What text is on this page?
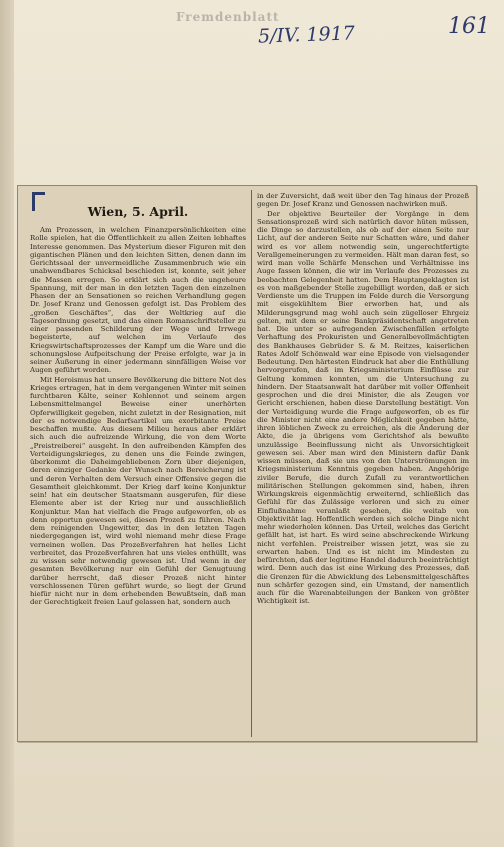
Fremdenblatt
5/IV. 1917	161
Wien, 5. April.

Am Prozessen, in welchen Finanzpersönlichkeiten eine Rolle spielen, hat die Öffentlichkeit zu allen Zeiten lebhaftes Interesse genommen. Das Mysterium dieser Figuren mit den gigantischen Plänen und den leichten Sitten, denen dann im Gerichtssaal der unvermeidliche Zusammenbruch wie ein unabwendbares Schicksal beschieden ist, konnte, seit jeher die Massen erregen. So erklärt sich auch die ungeheure Spannung, mit der man in den letzten Tagen den einzelnen Phasen der an Sensationen so reichen Verhandlung gegen Dr. Josef Kranz und Genossen gefolgt ist. Das Problem des „großen Geschäftes“, das der Weltkrieg auf die Tagesordnung gesetzt, und das einen Romanschriftsteller zu einer passenden Schilderung der Wege und Irrwege begeisterte, auf welchen im Verlaufe des Kriegswirtschaftsprozesses der Kampf um die Ware und die schonungslose Aufpeitschung der Preise erfolgte, war ja in seiner Äußerung in einer jedermann sinnfälligen Weise vor Augen geführt worden.

Mit Heroismus hat unsere Bevölkerung die bittere Not des Krieges ertragen, hat in dem vergangenen Winter mit seinen furchtbaren Kälte, seiner Kohlennot und seinem argen Lebensmittelmangel Beweise einer unerhörten Opferwilligkeit gegeben, nicht zuletzt in der Resignation, mit der es notwendige Bedarfsartikel um exorbitante Preise beschaffen mußte. Aus diesem Milieu heraus aber erklärt sich auch die aufreizende Wirkung, die von dem Worte „Preistreiberei“ ausgeht. In den aufreibenden Kämpfen des Verteidigungskrieges, zu denen uns die Feinde zwingen, überkommt die Daheimgebliebenen Zorn über diejenigen, deren einziger Gedanke der Wunsch nach Bereicherung ist und deren Verhalten dem Versuch einer Offensive gegen die Gesamtheit gleichkommt. Der Krieg darf keine Konjunktur sein! hat ein deutscher Staatsmann ausgerufen, für diese Elemente aber ist der Krieg nur und ausschließlich Konjunktur. Man hat vielfach die Frage aufgeworfen, ob es denn opportun gewesen sei, diesen Prozeß zu führen. Nach dem reinigenden Ungewitter, das in den letzten Tagen niedergegangen ist, wird wohl niemand mehr diese Frage verneinen wollen. Das Prozeßverfahren hat helles Licht verbreitet, das Prozeßverfahren hat uns vieles enthüllt, was zu wissen sehr notwendig gewesen ist. Und wenn in der gesamten Bevölkerung nur ein Gefühl der Genugtuung darüber herrscht, daß dieser Prozeß nicht hinter verschlossenen Türen geführt wurde, so liegt der Grund hiefür nicht nur in dem erhebenden Bewußtsein, daß man der Gerechtigkeit freien Lauf gelassen hat, sondern auch

in der Zuversicht, daß weit über den Tag hinaus der Prozeß gegen Dr. Josef Kranz und Genossen nachwirken muß.

Der objektive Beurteiler der Vorgänge in dem Sensationsprozeß wird sich natürlich davor hüten müssen, die Dinge so darzustellen, als ob auf der einen Seite nur Licht, auf der anderen Seite nur Schatten wäre, und daher wird es vor allem notwendig sein, ungerechtfertigte Verallgemeinerungen zu vermeiden. Hält man daran fest, so wird man volle Schärfe Menschen und Verhältnisse ins Auge fassen können, die wir im Verlaufe des Prozesses zu beobachten Gelegenheit hatten. Dem Hauptangeklagten ist es von maßgebender Stelle zugebilligt worden, daß er sich Verdienste um die Truppen im Felde durch die Versorgung mit eisgekühltem Bier erworben hat, und als Milderungsgrund mag wohl auch sein zügelloser Ehrgeiz gelten, mit dem er seine Bankpräsidentschaft angetreten hat. Die unter so aufregenden Zwischenfällen erfolgte Verhaftung des Prokuristen und Generalbevollmächtigten des Bankhauses Gebrüder S. & M. Reitzes, kaiserlichen Rates Adolf Schönwald war eine Episode von vielsagender Bedeutung. Den härtesten Eindruck hat aber die Enthüllung hervorgerufen, daß im Kriegsministerium Einflüsse zur Geltung kommen konnten, um die Untersuchung zu hindern. Der Staatsanwalt hat darüber mit voller Offenheit gesprochen und die drei Minister, die als Zeugen vor Gericht erschienen, haben diese Darstellung bestätigt. Von der Verteidigung wurde die Frage aufgeworfen, ob es für die Minister nicht eine andere Möglichkeit gegeben hätte, ihren löblichen Zweck zu erreichen, als die Änderung der Akte, die ja übrigens vom Gerichtshof als bewußte unzulässige Beeinflussung nicht als Unvorsichtigkeit gewesen sei. Aber man wird den Ministern dafür Dank wissen müssen, daß sie uns von den Unterströmungen im Kriegsministerium Kenntnis gegeben haben. Angehörige ziviler Berufe, die durch Zufall zu verantwortlichen militärischen Stellungen gekommen sind, haben, ihren Wirkungskreis eigenmächtig erweiternd, schließlich das Gefühl für das Zulässige verloren und sich zu einer Einflußnahme veranlaßt gesehen, die weitab von Objektivität lag. Hoffentlich werden sich solche Dinge nicht mehr wiederholen können. Das Urteil, welches das Gericht gefällt hat, ist hart. Es wird seine abschreckende Wirkung nicht verfehlen. Preistreiber wissen jetzt, was sie zu erwarten haben. Und es ist nicht im Mindesten zu befürchten, daß der legitime Handel dadurch beeinträchtigt wird. Denn auch das ist eine Wirkung des Prozesses, daß die Grenzen für die Abwicklung des Lebensmittelgeschäftes nun schärfer gezogen sind, ein Umstand, der namentlich auch für die Warenabteilungen der Banken von größter Wichtigkeit ist.
